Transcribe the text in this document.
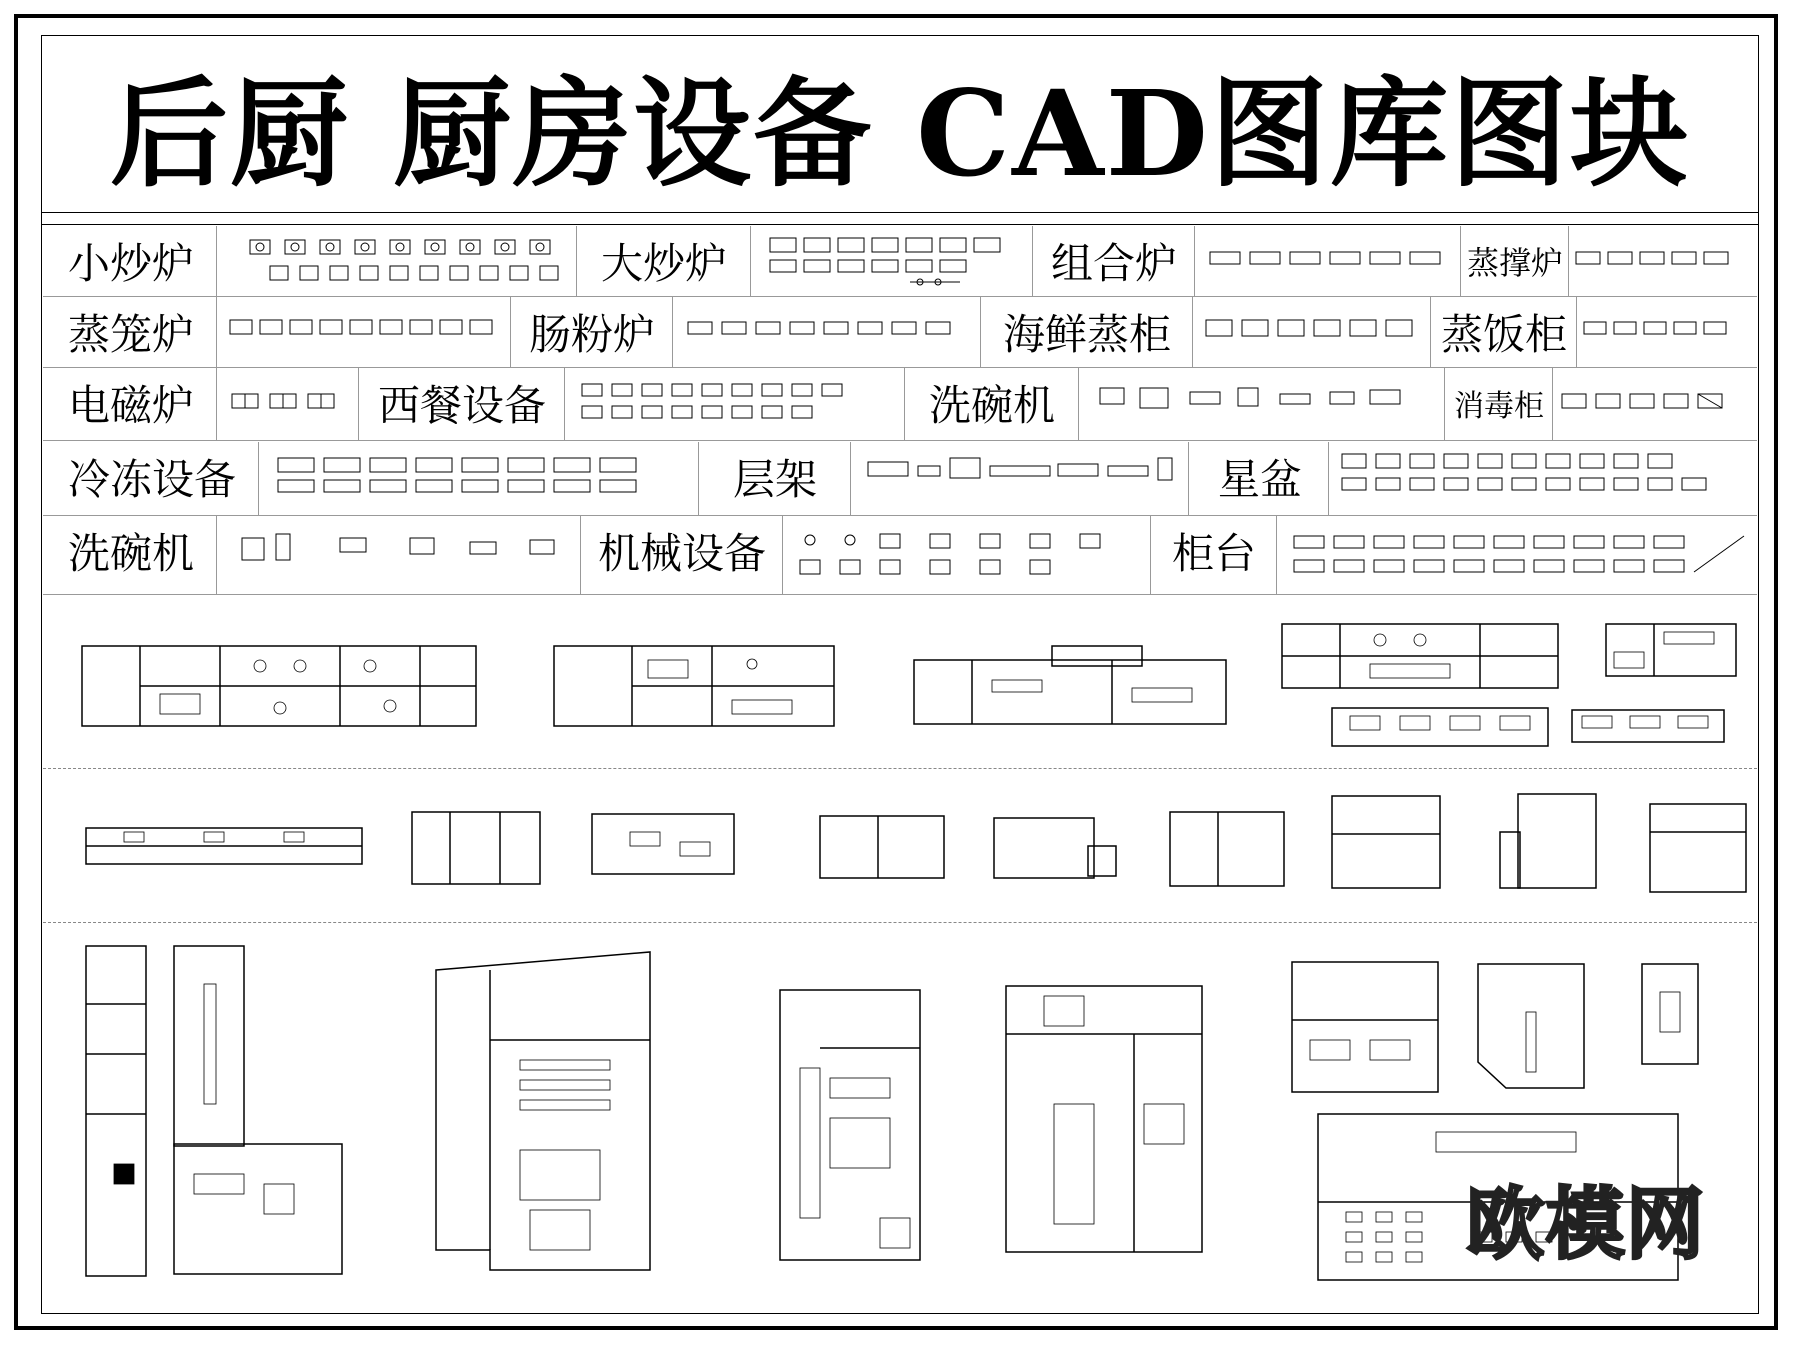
后厨 厨房设备 CAD图库图块
小炒炉	大炒炉	组合炉	蒸撑炉
蒸笼炉	肠粉炉	海鲜蒸柜	蒸饭柜
电磁炉	西餐设备	洗碗机	消毒柜
冷冻设备	层架	星盆
洗碗机	机械设备	柜台
欧模网
